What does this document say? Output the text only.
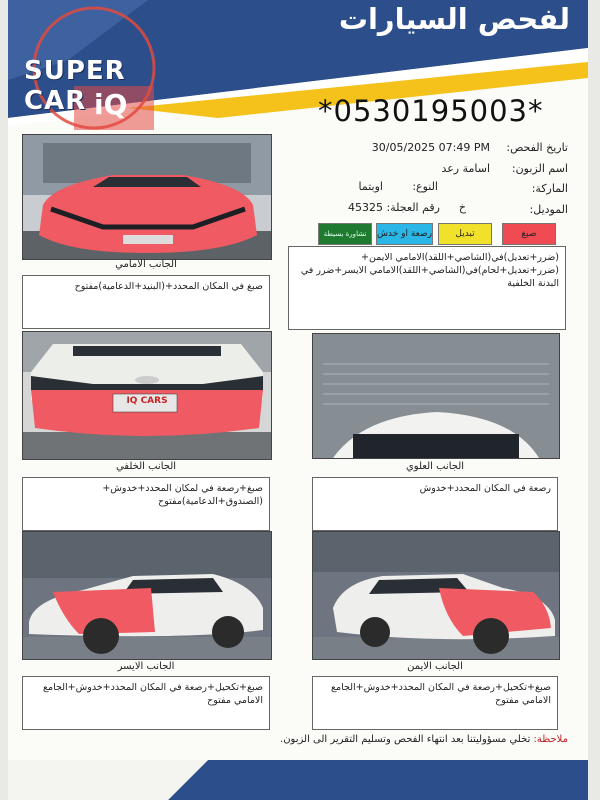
SUPER CAR iQ
لفحص السيارات
*0530195003*
تاريخ الفحص:
30/05/2025 07:49 PM
اسم الزبون:
اسامة رعد
الماركة:
النوع:
اوبتما
الموديل:
خ
رقم العجلة:
45325
صبغ
تبديل
رصعة او خدش
تشاورة بسيطة
الجانب الامامي
صبغ في المكان المحدد+(البنيد+الدعامية)مفتوح
(ضرر+تعديل)في(الشاصي+اللقد)الامامي الايمن+(ضرر+تعديل+لحام)في(الشاصي+اللقد)الامامي الايسر+ضرر في البدنة الخلفية
IQ CARS
الجانب الخلفي
صبغ+رصعة في لمكان المحدد+خدوش+(الصندوق+الدعامية)مفتوح
الجانب العلوي
رصعة في المكان المحدد+خدوش
الجانب الايسر
صبغ+تكحيل+رصعة في المكان المحدد+خدوش+الجامع الامامي مفتوح
الجانب الايمن
صبغ+تكحيل+رصعة في المكان المحدد+خدوش+الجامع الامامي مفتوح
ملاحظة: تخلي مسؤوليتنا بعد انتهاء الفحص وتسليم التقرير الى الزبون.
